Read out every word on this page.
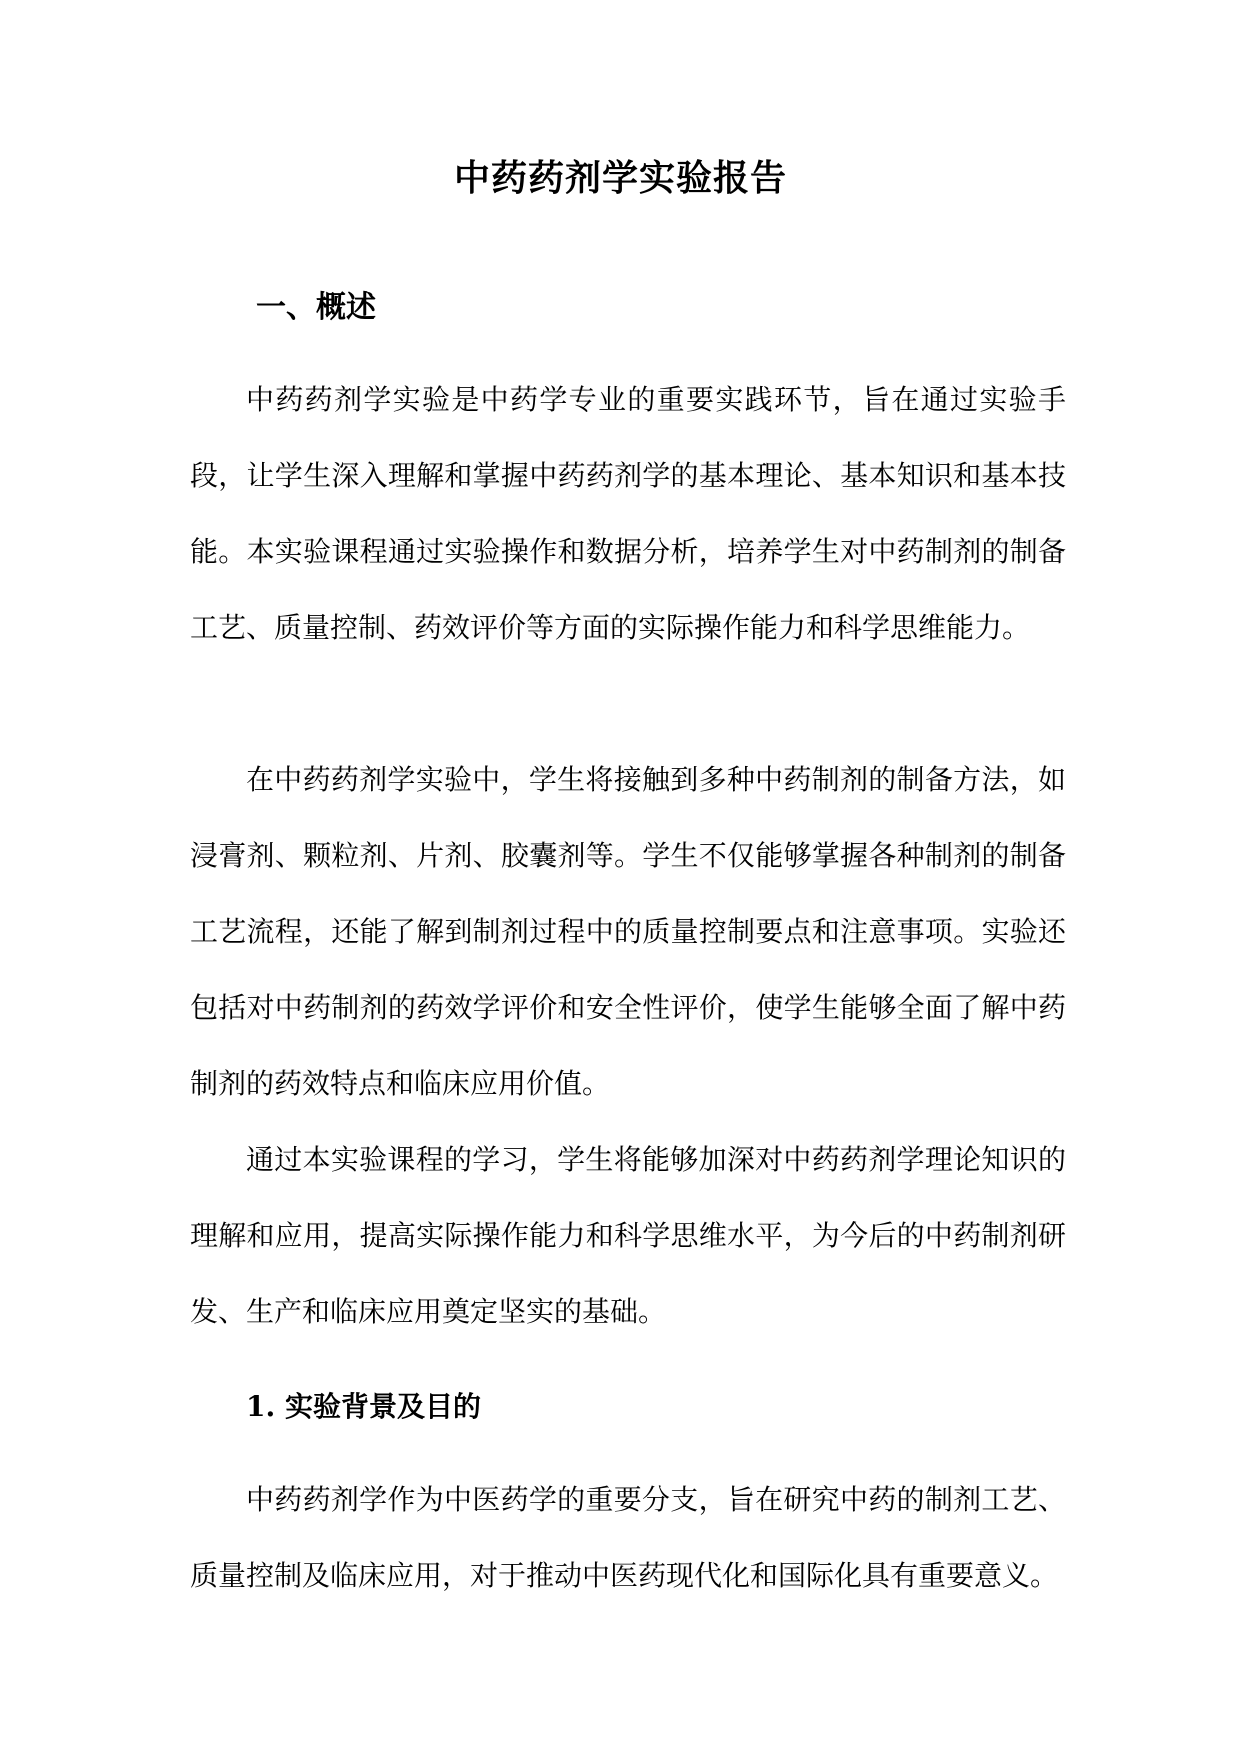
中药药剂学实验报告
一、概述

中药药剂学实验是中药学专业的重要实践环节，旨在通过实验手段，让学生深入理解和掌握中药药剂学的基本理论、基本知识和基本技能。本实验课程通过实验操作和数据分析，培养学生对中药制剂的制备工艺、质量控制、药效评价等方面的实际操作能力和科学思维能力。

在中药药剂学实验中，学生将接触到多种中药制剂的制备方法，如浸膏剂、颗粒剂、片剂、胶囊剂等。学生不仅能够掌握各种制剂的制备工艺流程，还能了解到制剂过程中的质量控制要点和注意事项。实验还包括对中药制剂的药效学评价和安全性评价，使学生能够全面了解中药制剂的药效特点和临床应用价值。

通过本实验课程的学习，学生将能够加深对中药药剂学理论知识的理解和应用，提高实际操作能力和科学思维水平，为今后的中药制剂研发、生产和临床应用奠定坚实的基础。

1. 实验背景及目的

中药药剂学作为中医药学的重要分支，旨在研究中药的制剂工艺、质量控制及临床应用，对于推动中医药现代化和国际化具有重要意义。
